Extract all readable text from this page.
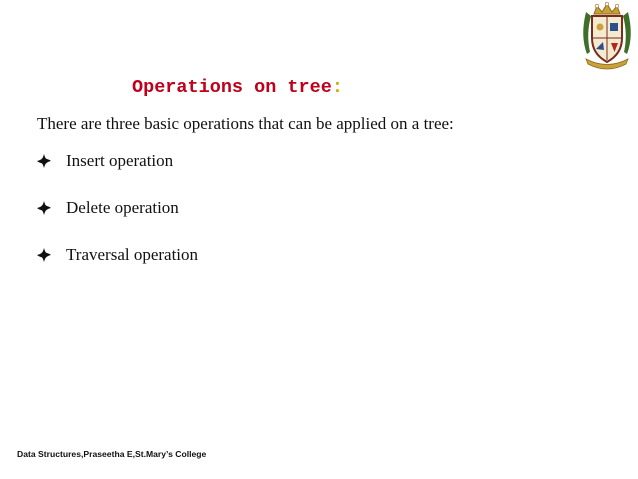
Operations on tree:

There are three basic operations that can be applied on a tree:

Insert operation
Delete operation
Traversal operation

Data Structures,Praseetha E,St.Mary’s College
